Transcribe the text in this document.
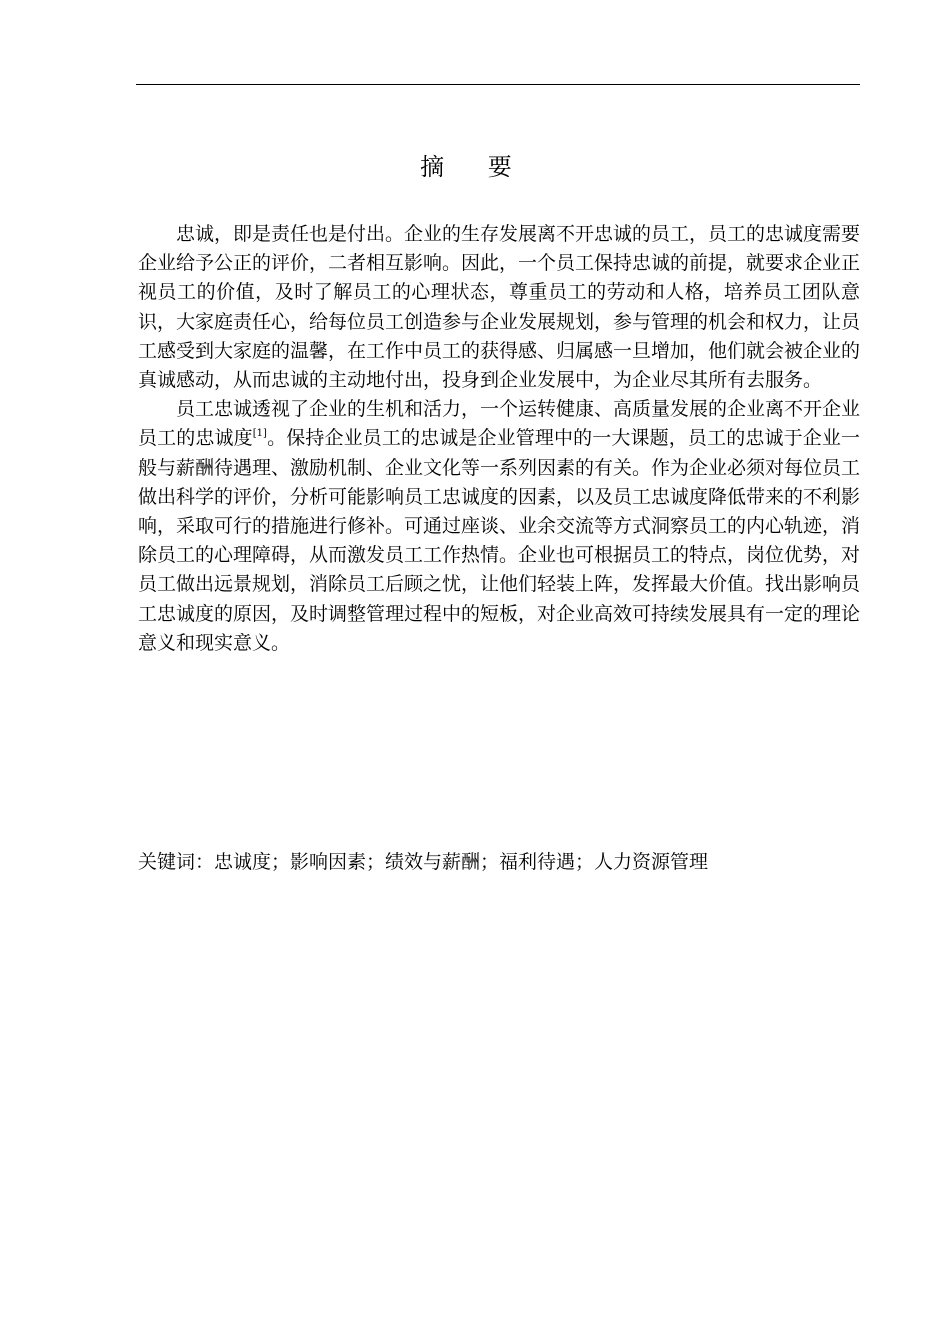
摘 要

忠诚，即是责任也是付出。企业的生存发展离不开忠诚的员工，员工的忠诚度需要企业给予公正的评价，二者相互影响。因此，一个员工保持忠诚的前提，就要求企业正视员工的价值，及时了解员工的心理状态，尊重员工的劳动和人格，培养员工团队意识，大家庭责任心，给每位员工创造参与企业发展规划，参与管理的机会和权力，让员工感受到大家庭的温馨，在工作中员工的获得感、归属感一旦增加，他们就会被企业的真诚感动，从而忠诚的主动地付出，投身到企业发展中，为企业尽其所有去服务。

员工忠诚透视了企业的生机和活力，一个运转健康、高质量发展的企业离不开企业员工的忠诚度[1]。保持企业员工的忠诚是企业管理中的一大课题，员工的忠诚于企业一般与薪酬待遇理、激励机制、企业文化等一系列因素的有关。作为企业必须对每位员工做出科学的评价，分析可能影响员工忠诚度的因素，以及员工忠诚度降低带来的不利影响，采取可行的措施进行修补。可通过座谈、业余交流等方式洞察员工的内心轨迹，消除员工的心理障碍，从而激发员工工作热情。企业也可根据员工的特点，岗位优势，对员工做出远景规划，消除员工后顾之忧，让他们轻装上阵，发挥最大价值。找出影响员工忠诚度的原因，及时调整管理过程中的短板，对企业高效可持续发展具有一定的理论意义和现实意义。

关键词：忠诚度；影响因素；绩效与薪酬；福利待遇；人力资源管理
